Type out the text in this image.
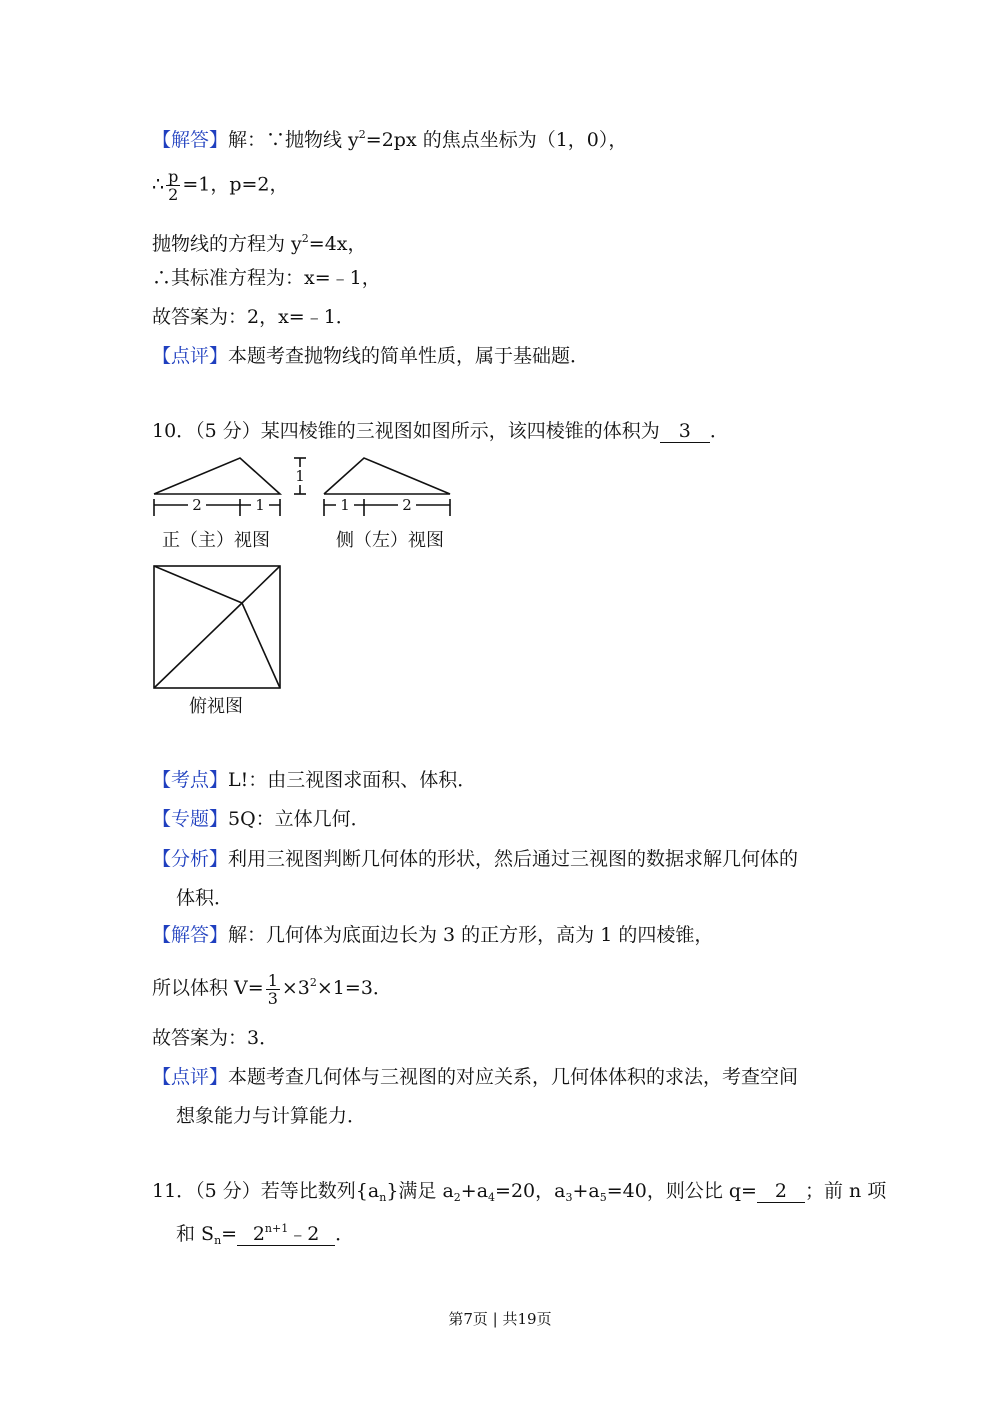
【解答】解：∵抛物线 $y^2=2px$ 的焦点坐标为（1，0），
∴ $\frac{p}{2} =1$，p=2，
抛物线的方程为 $y^2=4x$，
∴其标准方程为：x=﹣1，
故答案为：2，x=﹣1．
【点评】本题考查抛物线的简单性质，属于基础题．
10．（5 分）某四棱锥的三视图如图所示，该四棱锥的体积为 3 ．
2	1
1
1	2
正（主）视图	侧（左）视图
俯视图
【考点】L!：由三视图求面积、体积．
【专题】5Q：立体几何．
【分析】利用三视图判断几何体的形状，然后通过三视图的数据求解几何体的
体积．
【解答】解：几何体为底面边长为 3 的正方形，高为 1 的四棱锥，
所以体积 $V= \frac{1}{3} \times 3^2\times 1=3$．
故答案为：3．
【点评】本题考查几何体与三视图的对应关系，几何体体积的求法，考查空间
想象能力与计算能力．
11．（5 分）若等比数列$\{a_n\}$满足 $a_2+a_4=20$，$a_3+a_5=40$，则公比 q= 2 ；前 n 项
和 $S_n=$ $2^{n+1}﹣2$ ．
第7页 | 共19页
